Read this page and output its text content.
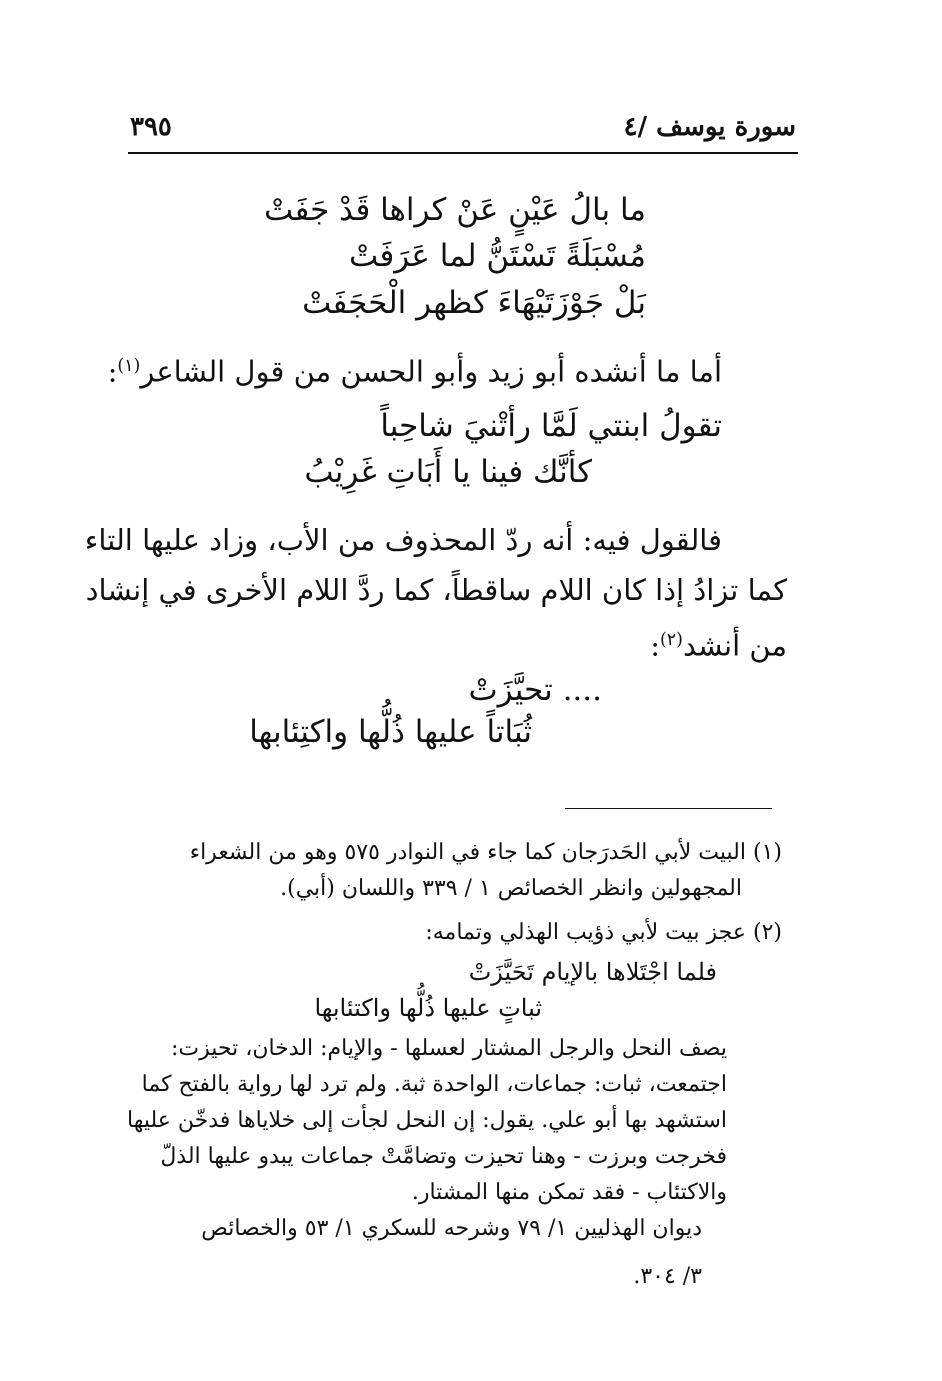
٣٩٥	سورة يوسف /٤
ما بالُ عَيْنٍ عَنْ كراها قَدْ جَفَتْ
مُسْبَلَةً تَسْتَنُّ لما عَرَفَتْ
بَلْ جَوْزَتَيْهَاءَ كظهر الْحَجَفَتْ
أما ما أنشده أبو زيد وأبو الحسن من قول الشاعر$^{(١)}$:
تقولُ ابنتي لَمَّا رأتْنيَ شاحِباً
كأنَّك فينا يا أَبَاتِ غَرِيْبُ
فالقول فيه: أنه ردّ المحذوف من الأب، وزاد عليها التاء
كما تزادُ إذا كان اللام ساقطاً، كما ردَّ اللام الأخرى في إنشاد
من أنشد$^{(٢)}$:
.... تحيَّزَتْ
ثُبَاتاً عليها ذُلُّها واكتِئابها
(١) البيت لأبي الحَدرَجان كما جاء في النوادر ٥٧٥ وهو من الشعراء
المجهولين وانظر الخصائص ١ / ٣٣٩ واللسان (أبي).
(٢) عجز بيت لأبي ذؤيب الهذلي وتمامه:
فلما اجْتَلاها بالإيام تَحَيَّزَتْ
ثباتٍ عليها ذُلُّها واكتئابها
يصف النحل والرجل المشتار لعسلها - والإيام: الدخان، تحيزت:
اجتمعت، ثبات: جماعات، الواحدة ثبة. ولم ترد لها رواية بالفتح كما
استشهد بها أبو علي. يقول: إن النحل لجأت إلى خلاياها فدخّن عليها
فخرجت وبرزت - وهنا تحيزت وتضامَّتْ جماعات يبدو عليها الذلّ
والاكتئاب - فقد تمكن منها المشتار.
ديوان الهذليين ١/ ٧٩ وشرحه للسكري ١/ ٥٣ والخصائص
٣/ ٣٠٤.
